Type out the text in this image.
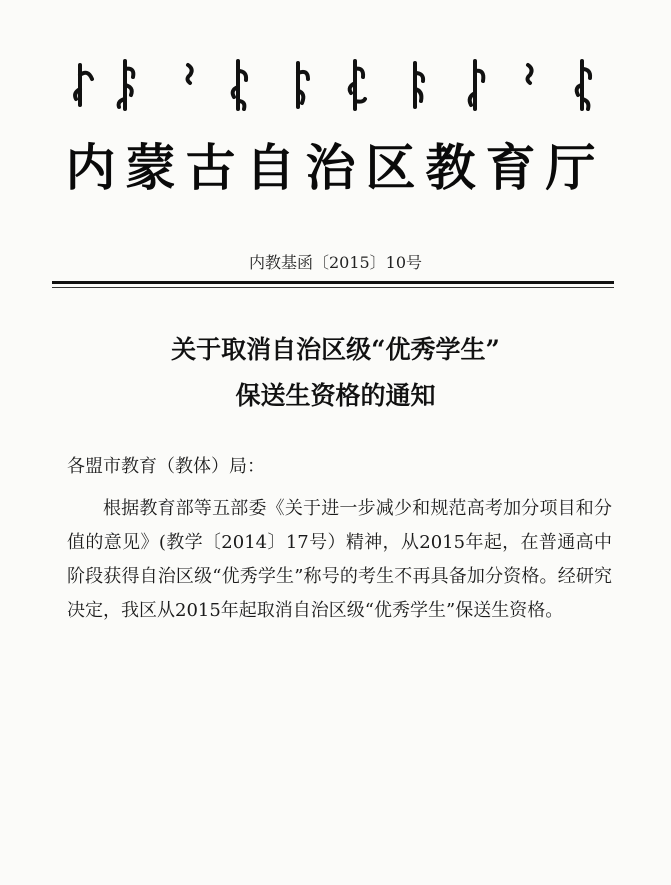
内蒙古自治区教育厅
内教基函〔2015〕10号
关于取消自治区级“优秀学生”
保送生资格的通知

各盟市教育（教体）局：

根据教育部等五部委《关于进一步减少和规范高考加分项目和分值的意见》(教学〔2014〕17号）精神，从2015年起，在普通高中阶段获得自治区级“优秀学生”称号的考生不再具备加分资格。经研究决定，我区从2015年起取消自治区级“优秀学生”保送生资格。
